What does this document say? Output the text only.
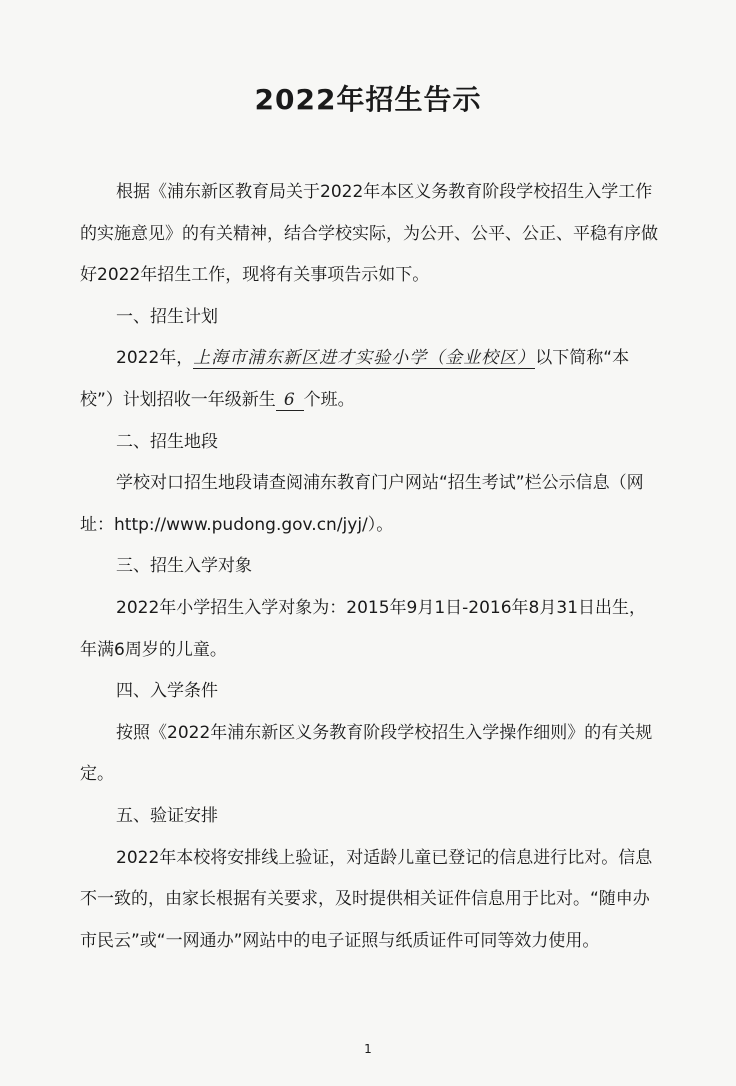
2022年招生告示

根据《浦东新区教育局关于2022年本区义务教育阶段学校招生入学工作的实施意见》的有关精神，结合学校实际，为公开、公平、公正、平稳有序做好2022年招生工作，现将有关事项告示如下。

一、招生计划

2022年，上海市浦东新区进才实验小学（金业校区）以下简称“本校”）计划招收一年级新生 6 个班。

二、招生地段

学校对口招生地段请查阅浦东教育门户网站“招生考试”栏公示信息（网址：http://www.pudong.gov.cn/jyj/）。

三、招生入学对象

2022年小学招生入学对象为：2015年9月1日-2016年8月31日出生，年满6周岁的儿童。

四、入学条件

按照《2022年浦东新区义务教育阶段学校招生入学操作细则》的有关规定。

五、验证安排

2022年本校将安排线上验证，对适龄儿童已登记的信息进行比对。信息不一致的，由家长根据有关要求，及时提供相关证件信息用于比对。“随申办市民云”或“一网通办”网站中的电子证照与纸质证件可同等效力使用。

1
